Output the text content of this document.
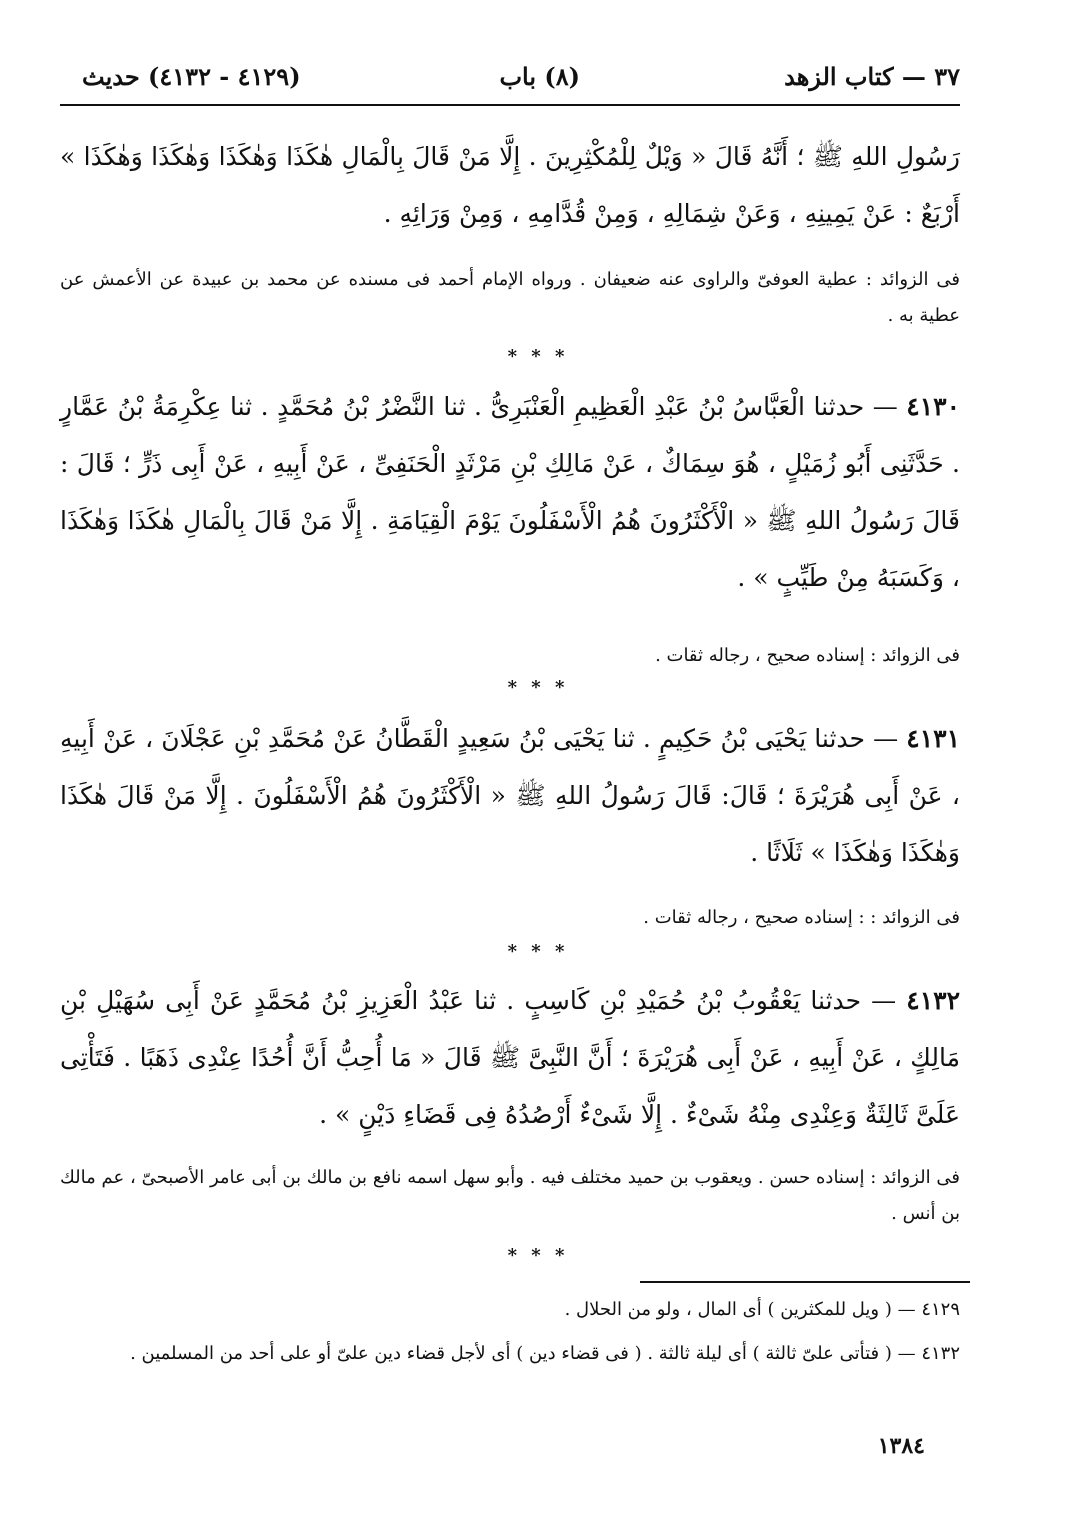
٣٧ — كتاب الزهد
(٨) باب
(٤١٢٩ - ٤١٣٢) حديث
رَسُولِ اللهِ ﷺ ؛ أَنَّهُ قَالَ « وَيْلٌ لِلْمُكْثِرِينَ . إِلَّا مَنْ قَالَ بِالْمَالِ هٰكَذَا وَهٰكَذَا وَهٰكَذَا وَهٰكَذَا » أَرْبَعٌ : عَنْ يَمِينِهِ ، وَعَنْ شِمَالِهِ ، وَمِنْ قُدَّامِهِ ، وَمِنْ وَرَائِهِ .
فى الزوائد : عطية العوفىّ والراوى عنه ضعيفان . ورواه الإمام أحمد فى مسنده عن محمد بن عبيدة عن الأعمش عن عطية به .
* * *
٤١٣٠ — حدثنا الْعَبَّاسُ بْنُ عَبْدِ الْعَظِيمِ الْعَنْبَرِىُّ . ثنا النَّضْرُ بْنُ مُحَمَّدٍ . ثنا عِكْرِمَةُ بْنُ عَمَّارٍ . حَدَّثَنِى أَبُو زُمَيْلٍ ، هُوَ سِمَاكٌ ، عَنْ مَالِكِ بْنِ مَرْثَدٍ الْحَنَفِىِّ ، عَنْ أَبِيهِ ، عَنْ أَبِى ذَرٍّ ؛ قَالَ : قَالَ رَسُولُ اللهِ ﷺ « الْأَكْثَرُونَ هُمُ الْأَسْفَلُونَ يَوْمَ الْقِيَامَةِ . إِلَّا مَنْ قَالَ بِالْمَالِ هٰكَذَا وَهٰكَذَا ، وَكَسَبَهُ مِنْ طَيِّبٍ » .
فى الزوائد : إسناده صحيح ، رجاله ثقات .
* * *
٤١٣١ — حدثنا يَحْيَى بْنُ حَكِيمٍ . ثنا يَحْيَى بْنُ سَعِيدٍ الْقَطَّانُ عَنْ مُحَمَّدِ بْنِ عَجْلَانَ ، عَنْ أَبِيهِ ، عَنْ أَبِى هُرَيْرَةَ ؛ قَالَ: قَالَ رَسُولُ اللهِ ﷺ « الْأَكْثَرُونَ هُمُ الْأَسْفَلُونَ . إِلَّا مَنْ قَالَ هٰكَذَا وَهٰكَذَا وَهٰكَذَا » ثَلَاثًا .
فى الزوائد : : إسناده صحيح ، رجاله ثقات .
* * *
٤١٣٢ — حدثنا يَعْقُوبُ بْنُ حُمَيْدِ بْنِ كَاسِبٍ . ثنا عَبْدُ الْعَزِيزِ بْنُ مُحَمَّدٍ عَنْ أَبِى سُهَيْلِ بْنِ مَالِكٍ ، عَنْ أَبِيهِ ، عَنْ أَبِى هُرَيْرَةَ ؛ أَنَّ النَّبِىَّ ﷺ قَالَ « مَا أُحِبُّ أَنَّ أُحُدًا عِنْدِى ذَهَبًا . فَتَأْتِى عَلَىَّ ثَالِثَةٌ وَعِنْدِى مِنْهُ شَىْءٌ . إِلَّا شَىْءٌ أَرْصُدُهُ فِى قَضَاءِ دَيْنٍ » .
فى الزوائد : إسناده حسن . ويعقوب بن حميد مختلف فيه . وأبو سهل اسمه نافع بن مالك بن أبى عامر الأصبحىّ ، عم مالك بن أنس .
* * *
٤١٢٩ — ( ويل للمكثرين ) أى المال ، ولو من الحلال .
٤١٣٢ — ( فتأتى علىّ ثالثة ) أى ليلة ثالثة . ( فى قضاء دين ) أى لأجل قضاء دين علىّ أو على أحد من المسلمين .
١٣٨٤
